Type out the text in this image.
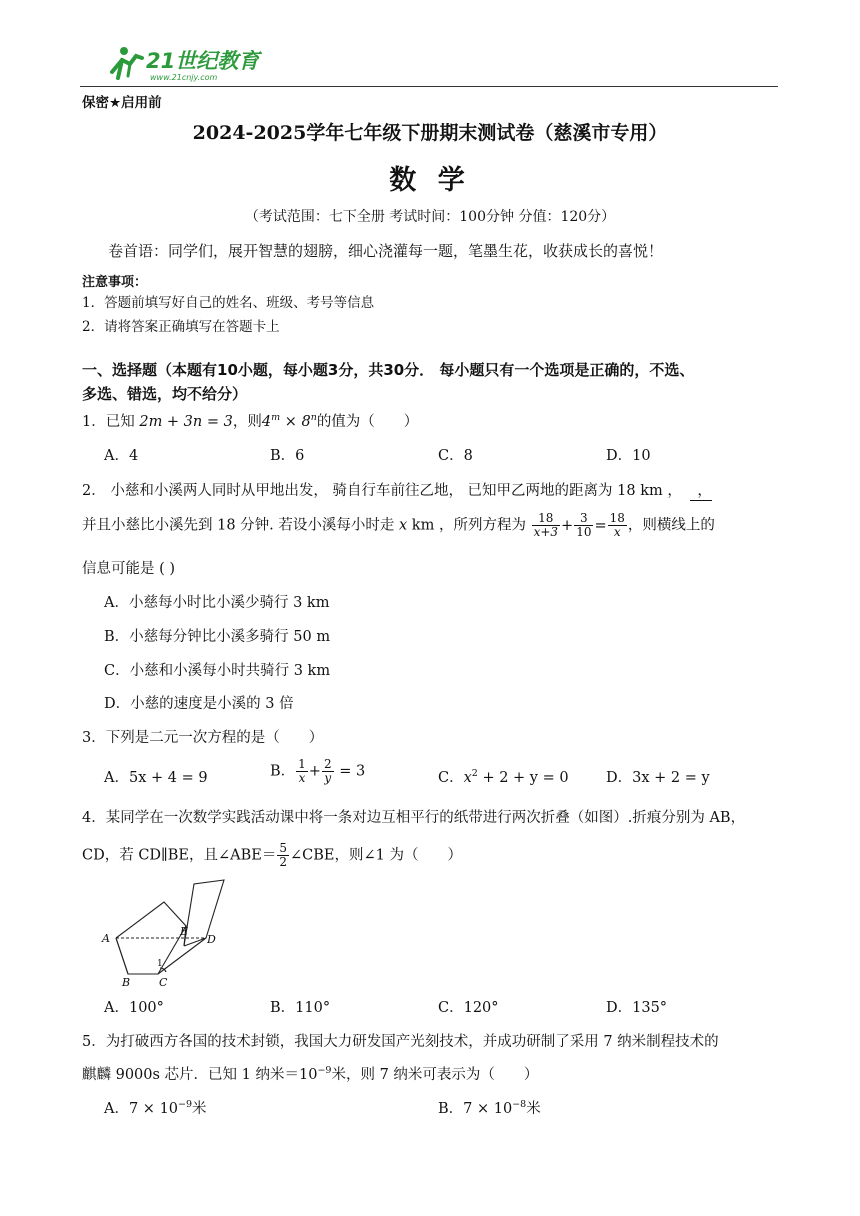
21世纪教育
www.21cnjy.com
保密★启用前
2024-2025学年七年级下册期末测试卷（慈溪市专用）
数 学
（考试范围：七下全册 考试时间：100分钟 分值：120分）
卷首语：同学们，展开智慧的翅膀，细心浇灌每一题，笔墨生花，收获成长的喜悦！
注意事项：
1．答题前填写好自己的姓名、班级、考号等信息
2．请将答案正确填写在答题卡上
一、选择题（本题有10小题，每小题3分，共30分． 每小题只有一个选项是正确的，不选、
多选、错选，均不给分）
1．已知 2m + 3n = 3，则$4^m \times 8^n$的值为（　　）
A．4	B．6	C．8	D．10
2． 小慈和小溪两人同时从甲地出发， 骑自行车前往乙地， 已知甲乙两地的距离为 18 km ， ，
并且小慈比小溪先到 18 分钟. 若设小溪每小时走 x km ，所列方程为 $\frac{18}{x+3} + \frac{3}{10} = \frac{18}{x}$ ，则横线上的
信息可能是 ( )
A．小慈每小时比小溪少骑行 3 km
B．小慈每分钟比小溪多骑行 50 m
C．小慈和小溪每小时共骑行 3 km
D．小慈的速度是小溪的 3 倍
3．下列是二元一次方程的是（　　）
A．5x + 4 = 9	B． $\frac{1}{x} + \frac{2}{y} = 3$	C．$x^2 + 2 + y = 0$	D．3x + 2 = y
4．某同学在一次数学实践活动课中将一条对边互相平行的纸带进行两次折叠（如图）.折痕分别为 AB，
CD，若 CD∥BE，且∠ABE＝ $\frac{5}{2}$ ∠CBE，则∠1 为（　　）
A
B	C
D
E
1
A．100°	B．110°	C．120°	D．135°
5．为打破西方各国的技术封锁，我国大力研发国产光刻技术，并成功研制了采用 7 纳米制程技术的
麒麟 9000s 芯片．已知 1 纳米$=10^{-9}$米，则 7 纳米可表示为（　　）
A．$7 \times 10^{-9}$米	B．$7 \times 10^{-8}$米
